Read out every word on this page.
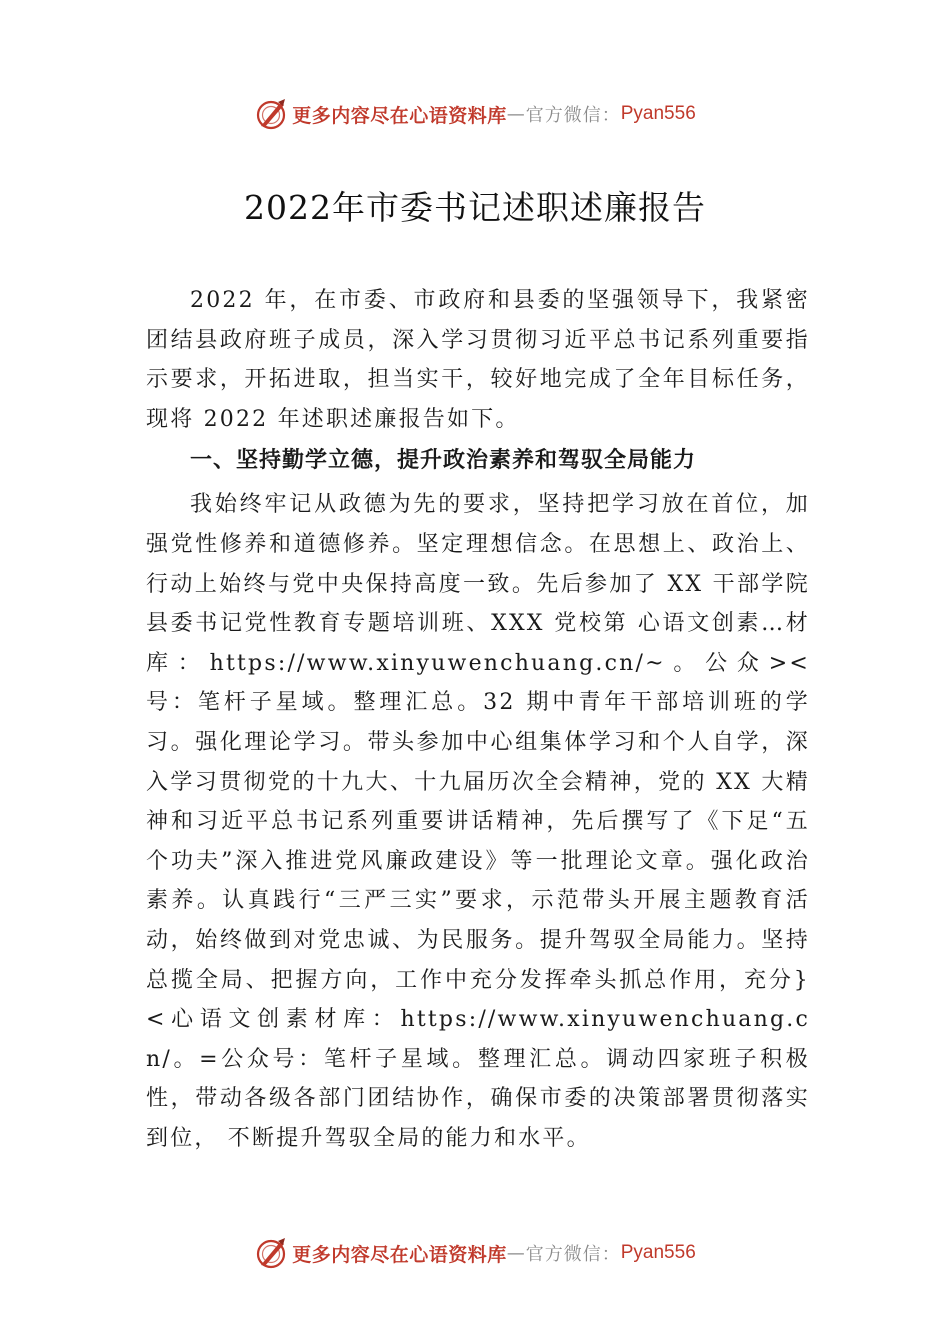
更多内容尽在心语资料库 — 官方微信： Pyan556
2022年市委书记述职述廉报告

2022 年，在市委、市政府和县委的坚强领导下，我紧密团结县政府班子成员，深入学习贯彻习近平总书记系列重要指示要求，开拓进取，担当实干，较好地完成了全年目标任务，现将 2022 年述职述廉报告如下。

一、坚持勤学立德，提升政治素养和驾驭全局能力

我始终牢记从政德为先的要求，坚持把学习放在首位，加强党性修养和道德修养。坚定理想信念。在思想上、政治上、行动上始终与党中央保持高度一致。先后参加了 XX 干部学院县委书记党性教育专题培训班、XXX 党校第 心语文创素…材库：https://www.xinyuwenchuang.cn/~。公众><号：笔杆子星域。整理汇总。32 期中青年干部培训班的学习。强化理论学习。带头参加中心组集体学习和个人自学，深入学习贯彻党的十九大、十九届历次全会精神，党的 XX 大精神和习近平总书记系列重要讲话精神，先后撰写了《下足“五个功夫”深入推进党风廉政建设》等一批理论文章。强化政治素养。认真践行“三严三实”要求，示范带头开展主题教育活动，始终做到对党忠诚、为民服务。提升驾驭全局能力。坚持总揽全局、把握方向，工作中充分发挥牵头抓总作用，充分}<心语文创素材库：https://www.xinyuwenchuang.cn/。=公众号：笔杆子星域。整理汇总。调动四家班子积极性，带动各级各部门团结协作，确保市委的决策部署贯彻落实到位， 不断提升驾驭全局的能力和水平。

更多内容尽在心语资料库 — 官方微信： Pyan556
